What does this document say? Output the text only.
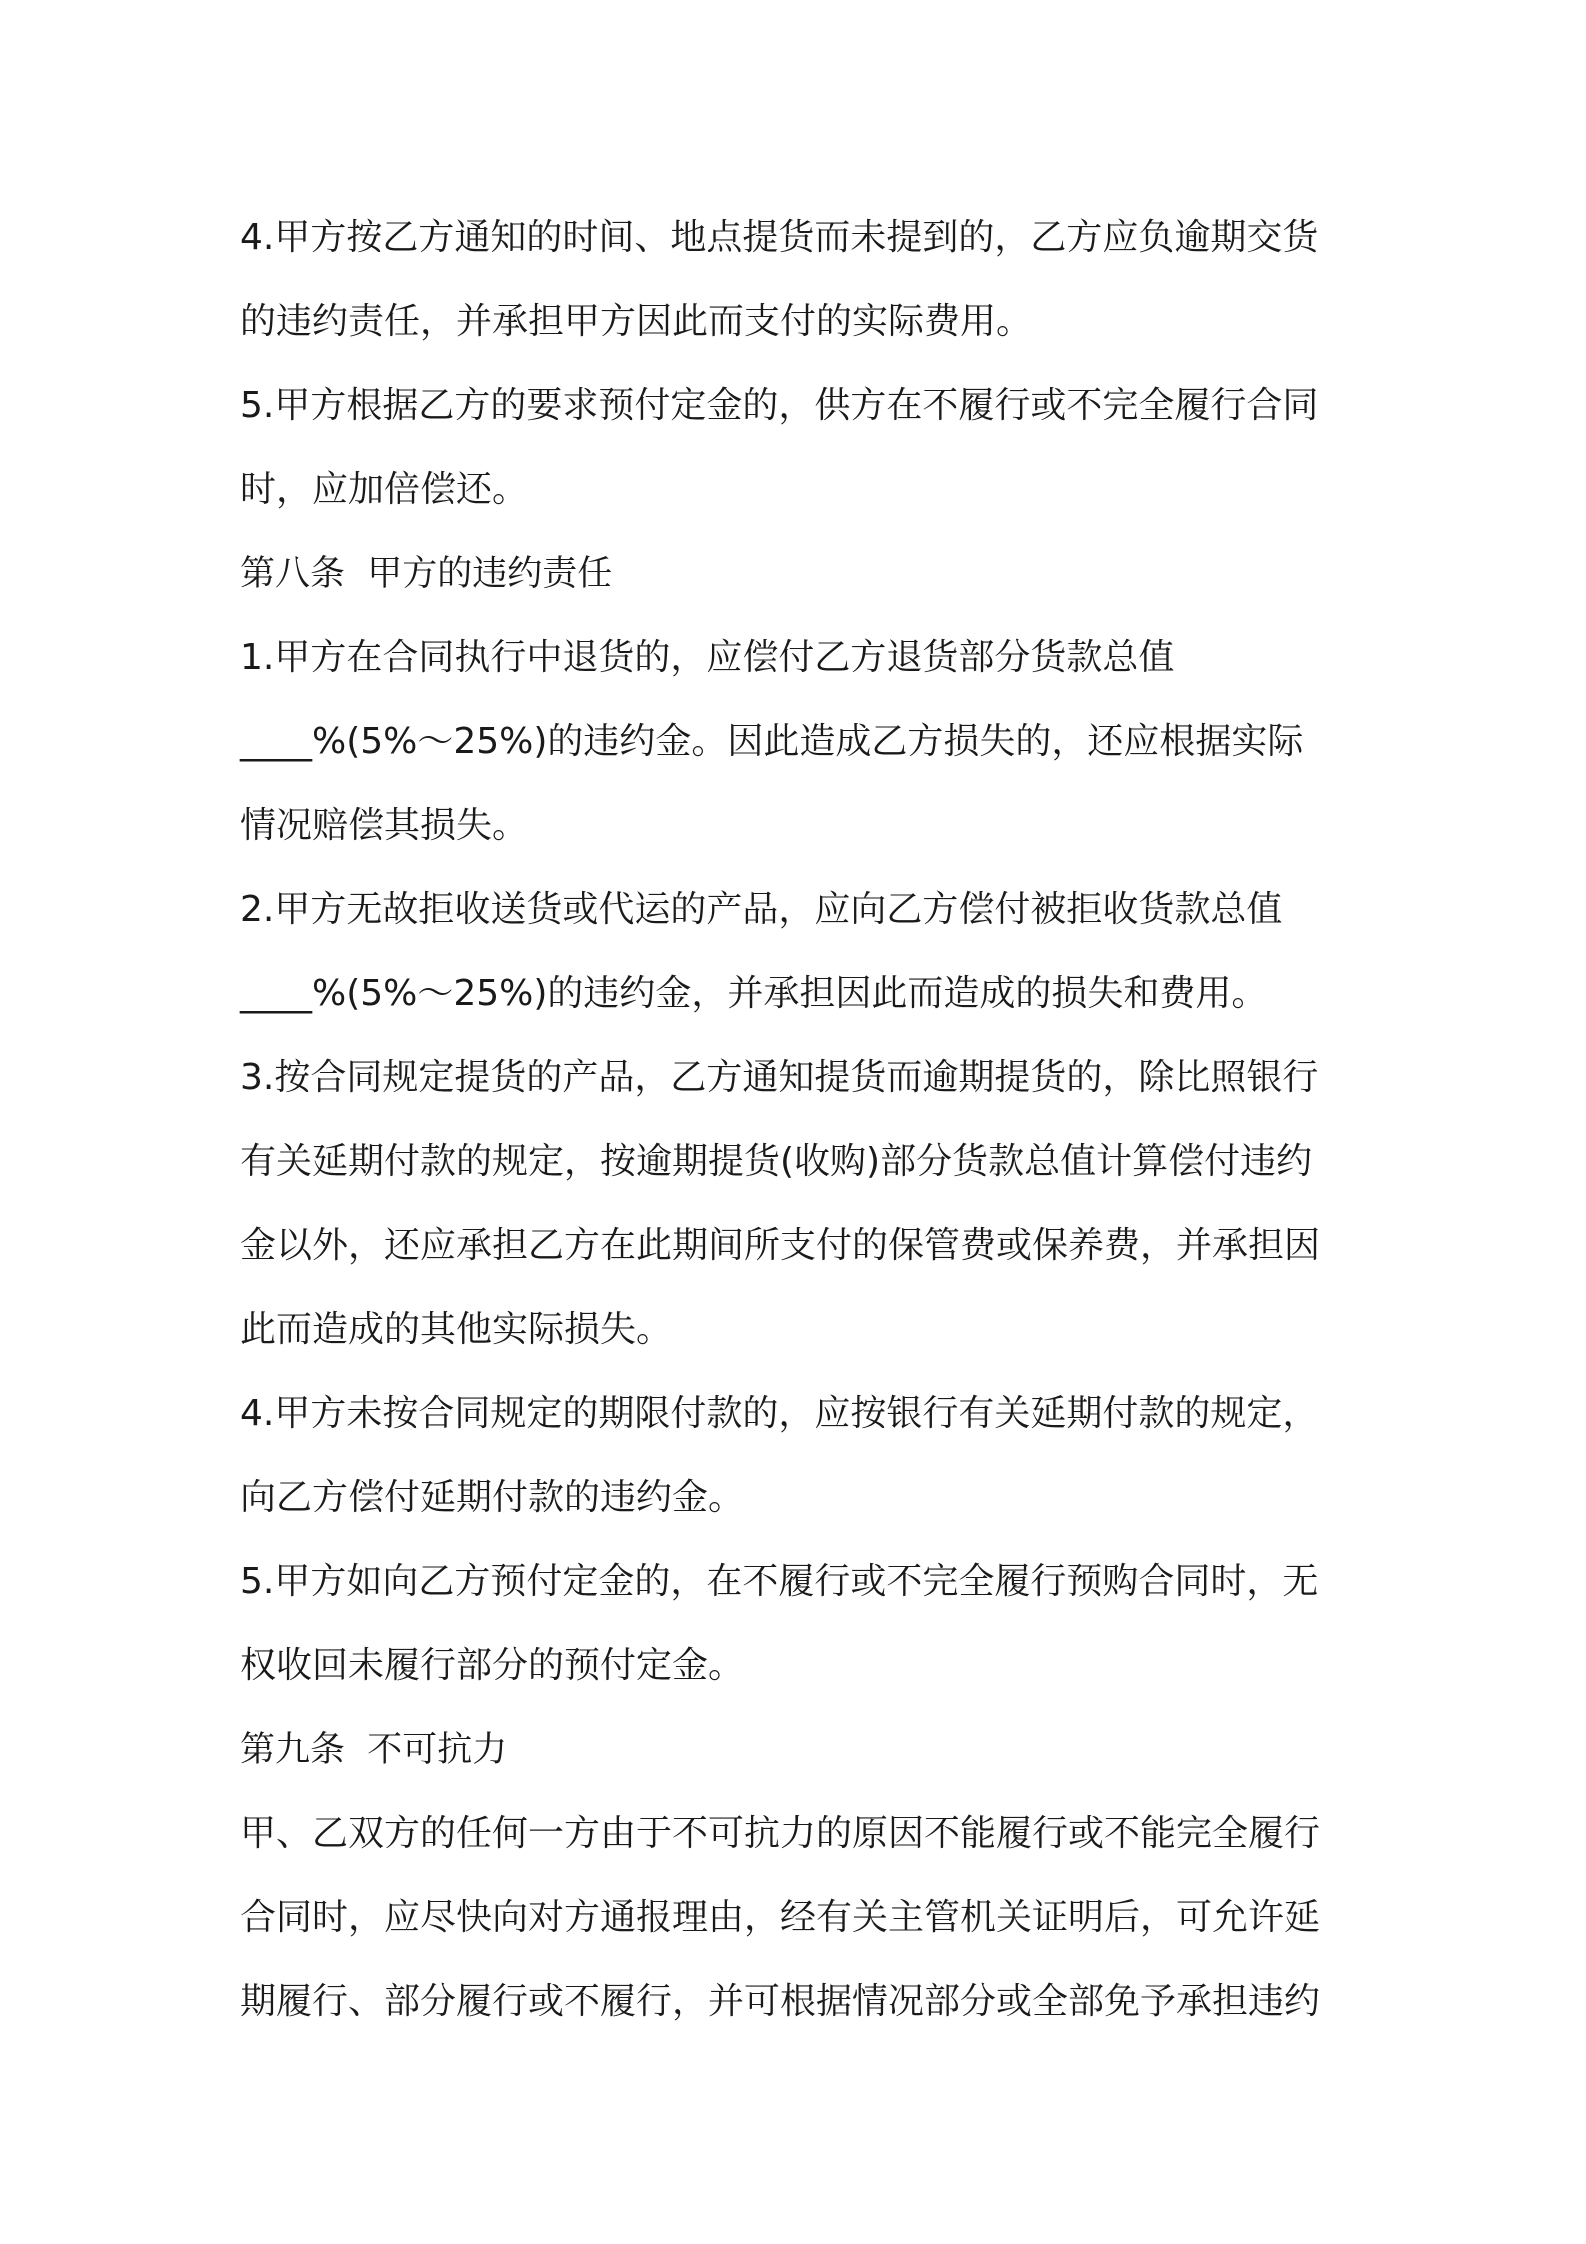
4.甲方按乙方通知的时间、地点提货而未提到的，乙方应负逾期交货
的违约责任，并承担甲方因此而支付的实际费用。
5.甲方根据乙方的要求预付定金的，供方在不履行或不完全履行合同
时，应加倍偿还。
第八条  甲方的违约责任
1.甲方在合同执行中退货的，应偿付乙方退货部分货款总值
____%(5%～25%)的违约金。因此造成乙方损失的，还应根据实际
情况赔偿其损失。
2.甲方无故拒收送货或代运的产品，应向乙方偿付被拒收货款总值
____%(5%～25%)的违约金，并承担因此而造成的损失和费用。
3.按合同规定提货的产品，乙方通知提货而逾期提货的，除比照银行
有关延期付款的规定，按逾期提货(收购)部分货款总值计算偿付违约
金以外，还应承担乙方在此期间所支付的保管费或保养费，并承担因
此而造成的其他实际损失。
4.甲方未按合同规定的期限付款的，应按银行有关延期付款的规定，
向乙方偿付延期付款的违约金。
5.甲方如向乙方预付定金的，在不履行或不完全履行预购合同时，无
权收回未履行部分的预付定金。
第九条  不可抗力
甲、乙双方的任何一方由于不可抗力的原因不能履行或不能完全履行
合同时，应尽快向对方通报理由，经有关主管机关证明后，可允许延
期履行、部分履行或不履行，并可根据情况部分或全部免予承担违约
